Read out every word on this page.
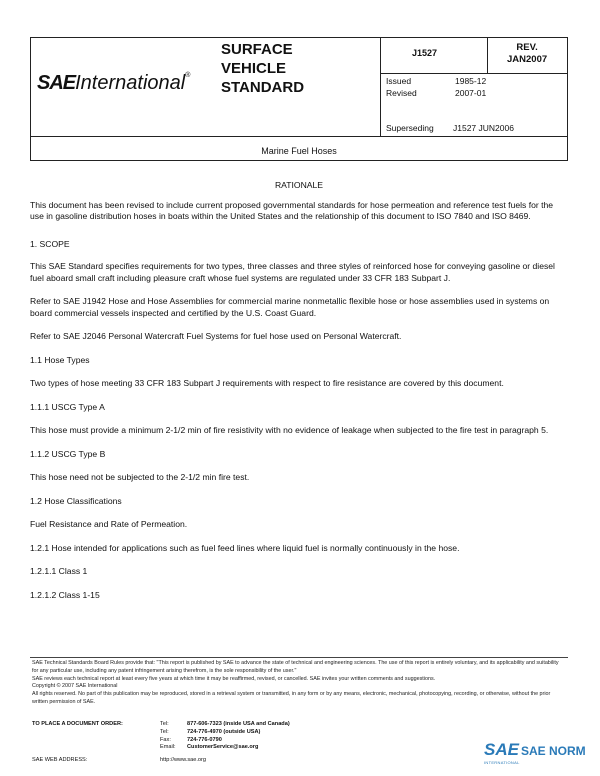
SAEInternational®
SURFACE
VEHICLE
STANDARD
J1527	REV.
JAN2007
Issued	1985-12
Revised	2007-01
Superseding J1527 JUN2006
Marine Fuel Hoses

RATIONALE

This document has been revised to include current proposed governmental standards for hose permeation and reference test fuels for the use in gasoline distribution hoses in boats within the United States and the relationship of this document to ISO 7840 and ISO 8469.

1. SCOPE

This SAE Standard specifies requirements for two types, three classes and three styles of reinforced hose for conveying gasoline or diesel fuel aboard small craft including pleasure craft whose fuel systems are regulated under 33 CFR 183 Subpart J.

Refer to SAE J1942 Hose and Hose Assemblies for commercial marine nonmetallic flexible hose or hose assemblies used in systems on board commercial vessels inspected and certified by the U.S. Coast Guard.

Refer to SAE J2046 Personal Watercraft Fuel Systems for fuel hose used on Personal Watercraft.

1.1 Hose Types

Two types of hose meeting 33 CFR 183 Subpart J requirements with respect to fire resistance are covered by this document.

1.1.1 USCG Type A

This hose must provide a minimum 2-1/2 min of fire resistivity with no evidence of leakage when subjected to the fire test in paragraph 5.

1.1.2 USCG Type B

This hose need not be subjected to the 2-1/2 min fire test.

1.2 Hose Classifications

Fuel Resistance and Rate of Permeation.

1.2.1 Hose intended for applications such as fuel feed lines where liquid fuel is normally continuously in the hose.

1.2.1.1 Class 1

1.2.1.2 Class 1-15

SAE Technical Standards Board Rules provide that: "This report is published by SAE to advance the state of technical and engineering sciences. The use of this report is entirely voluntary, and its applicability and suitability for any particular use, including any patent infringement arising therefrom, is the sole responsibility of the user."

SAE reviews each technical report at least every five years at which time it may be reaffirmed, revised, or cancelled. SAE invites your written comments and suggestions.

Copyright © 2007 SAE International

All rights reserved. No part of this publication may be reproduced, stored in a retrieval system or transmitted, in any form or by any means, electronic, mechanical, photocopying, recording, or otherwise, without the prior written permission of SAE.

TO PLACE A DOCUMENT ORDER:	Tel:	877-606-7323 (inside USA and Canada)
Tel:	724-776-4970 (outside USA)
Fax:	724-776-0790
Email:	CustomerService@sae.org
SAE WEB ADDRESS:	http://www.sae.org
SAE SAE NORM
INTERNATIONAL
